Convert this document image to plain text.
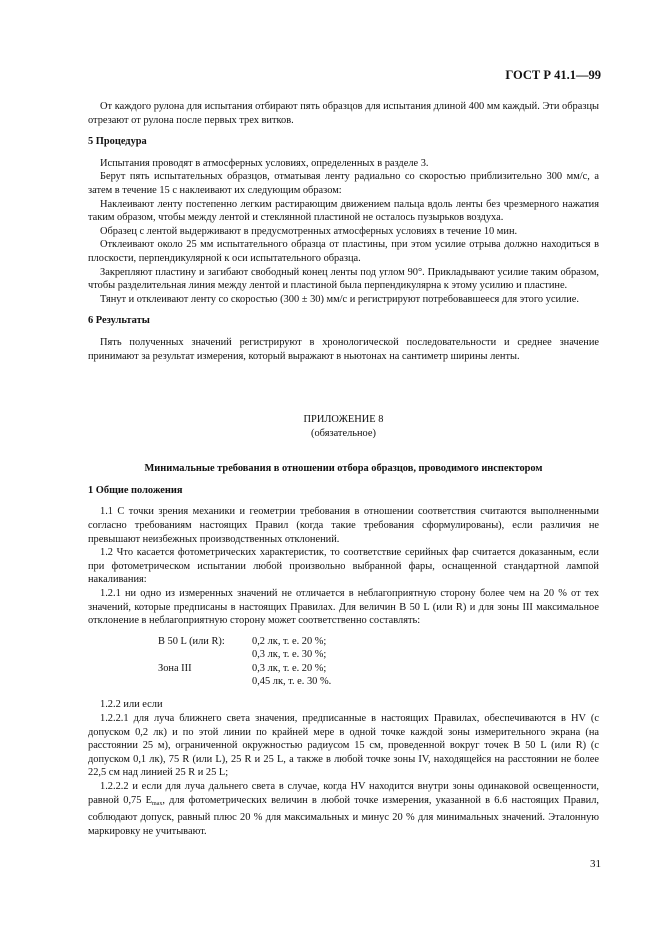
ГОСТ Р 41.1—99

От каждого рулона для испытания отбирают пять образцов для испытания длиной 400 мм каждый. Эти образцы отрезают от рулона после первых трех витков.

5 Процедура

Испытания проводят в атмосферных условиях, определенных в разделе 3.

Берут пять испытательных образцов, отматывая ленту радиально со скоростью приблизительно 300 мм/с, а затем в течение 15 с наклеивают их следующим образом:

Наклеивают ленту постепенно легким растирающим движением пальца вдоль ленты без чрезмерного нажатия таким образом, чтобы между лентой и стеклянной пластиной не осталось пузырьков воздуха.

Образец с лентой выдерживают в предусмотренных атмосферных условиях в течение 10 мин.

Отклеивают около 25 мм испытательного образца от пластины, при этом усилие отрыва должно находиться в плоскости, перпендикулярной к оси испытательного образца.

Закрепляют пластину и загибают свободный конец ленты под углом 90°. Прикладывают усилие таким образом, чтобы разделительная линия между лентой и пластиной была перпендикулярна к этому усилию и пластине.

Тянут и отклеивают ленту со скоростью (300 ± 30) мм/с и регистрируют потребовавшееся для этого усилие.

6 Результаты

Пять полученных значений регистрируют в хронологической последовательности и среднее значение принимают за результат измерения, который выражают в ньютонах на сантиметр ширины ленты.

ПРИЛОЖЕНИЕ 8

(обязательное)

Минимальные требования в отношении отбора образцов, проводимого инспектором

1 Общие положения

1.1 С точки зрения механики и геометрии требования в отношении соответствия считаются выполненными согласно требованиям настоящих Правил (когда такие требования сформулированы), если различия не превышают неизбежных производственных отклонений.

1.2 Что касается фотометрических характеристик, то соответствие серийных фар считается доказанным, если при фотометрическом испытании любой произвольно выбранной фары, оснащенной стандартной лампой накаливания:

1.2.1 ни одно из измеренных значений не отличается в неблагоприятную сторону более чем на 20 % от тех значений, которые предписаны в настоящих Правилах. Для величин B 50 L (или R) и для зоны III максимальное отклонение в неблагоприятную сторону может соответственно составлять:

B 50 L (или R):	0,2 лк, т. е. 20 %;
	0,3 лк, т. е. 30 %;
Зона III	0,3 лк, т. е. 20 %;
	0,45 лк, т. е. 30 %.

1.2.2 или если

1.2.2.1 для луча ближнего света значения, предписанные в настоящих Правилах, обеспечиваются в HV (с допуском 0,2 лк) и по этой линии по крайней мере в одной точке каждой зоны измерительного экрана (на расстоянии 25 м), ограниченной окружностью радиусом 15 см, проведенной вокруг точек B 50 L (или R) (с допуском 0,1 лк), 75 R (или L), 25 R и 25 L, а также в любой точке зоны IV, находящейся на расстоянии не более 22,5 см над линией 25 R и 25 L;

1.2.2.2 и если для луча дальнего света в случае, когда HV находится внутри зоны одинаковой освещенности, равной 0,75 $E_{max}$, для фотометрических величин в любой точке измерения, указанной в 6.6 настоящих Правил, соблюдают допуск, равный плюс 20 % для максимальных и минус 20 % для минимальных значений. Эталонную маркировку не учитывают.

31
